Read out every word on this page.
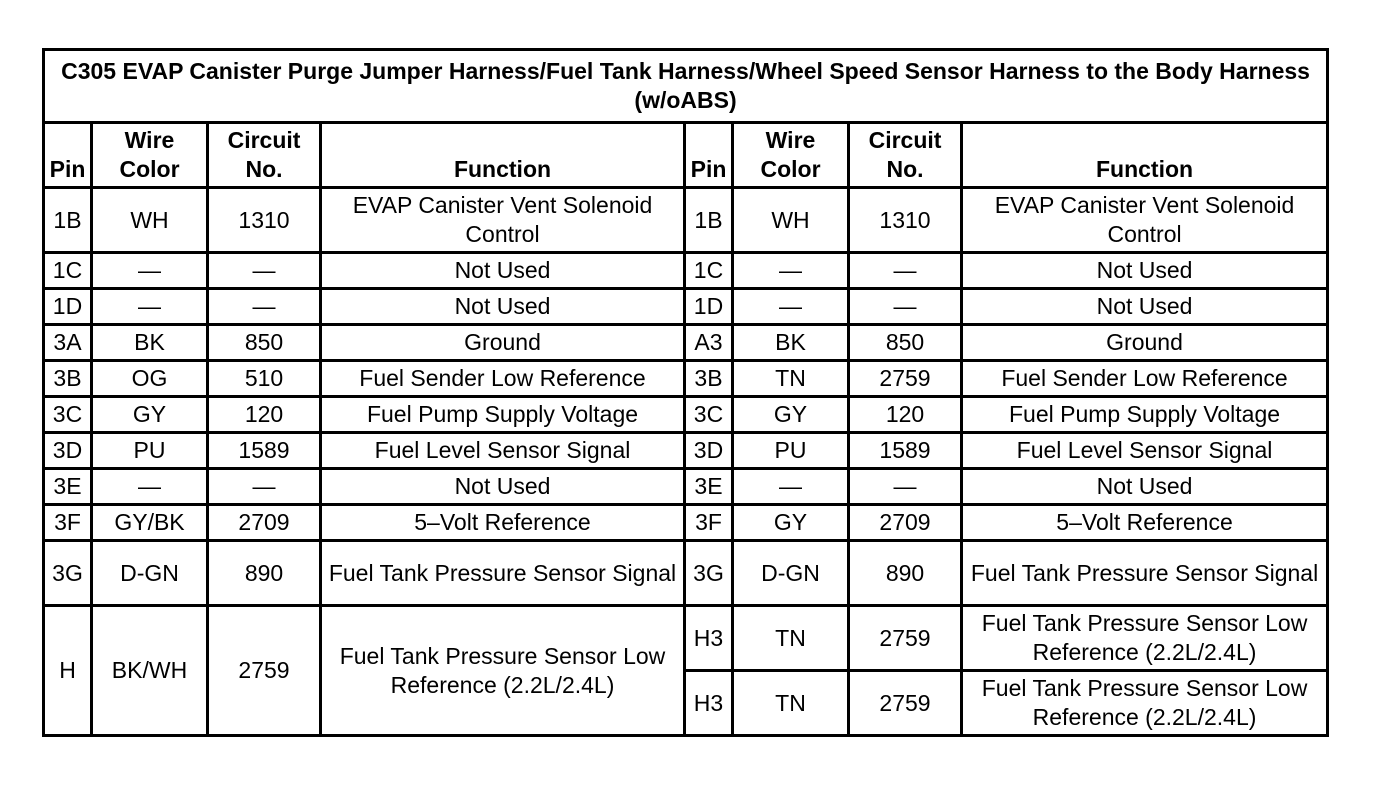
C305 EVAP Canister Purge Jumper Harness/Fuel Tank Harness/Wheel Speed Sensor Harness to the Body Harness (w/oABS)							
Pin	Wire Color	Circuit No.	Function	Pin	Wire Color	Circuit No.	Function
1B	WH	1310	EVAP Canister Vent Solenoid Control	1B	WH	1310	EVAP Canister Vent Solenoid Control
1C	—	—	Not Used	1C	—	—	Not Used
1D	—	—	Not Used	1D	—	—	Not Used
3A	BK	850	Ground	A3	BK	850	Ground
3B	OG	510	Fuel Sender Low Reference	3B	TN	2759	Fuel Sender Low Reference
3C	GY	120	Fuel Pump Supply Voltage	3C	GY	120	Fuel Pump Supply Voltage
3D	PU	1589	Fuel Level Sensor Signal	3D	PU	1589	Fuel Level Sensor Signal
3E	—	—	Not Used	3E	—	—	Not Used
3F	GY/BK	2709	5–Volt Reference	3F	GY	2709	5–Volt Reference
3G	D-GN	890	Fuel Tank Pressure Sensor Signal	3G	D-GN	890	Fuel Tank Pressure Sensor Signal
H	BK/WH	2759	Fuel Tank Pressure Sensor Low Reference (2.2L/2.4L)	H3	TN	2759	Fuel Tank Pressure Sensor Low Reference (2.2L/2.4L)
				H3	TN	2759	Fuel Tank Pressure Sensor Low Reference (2.2L/2.4L)
